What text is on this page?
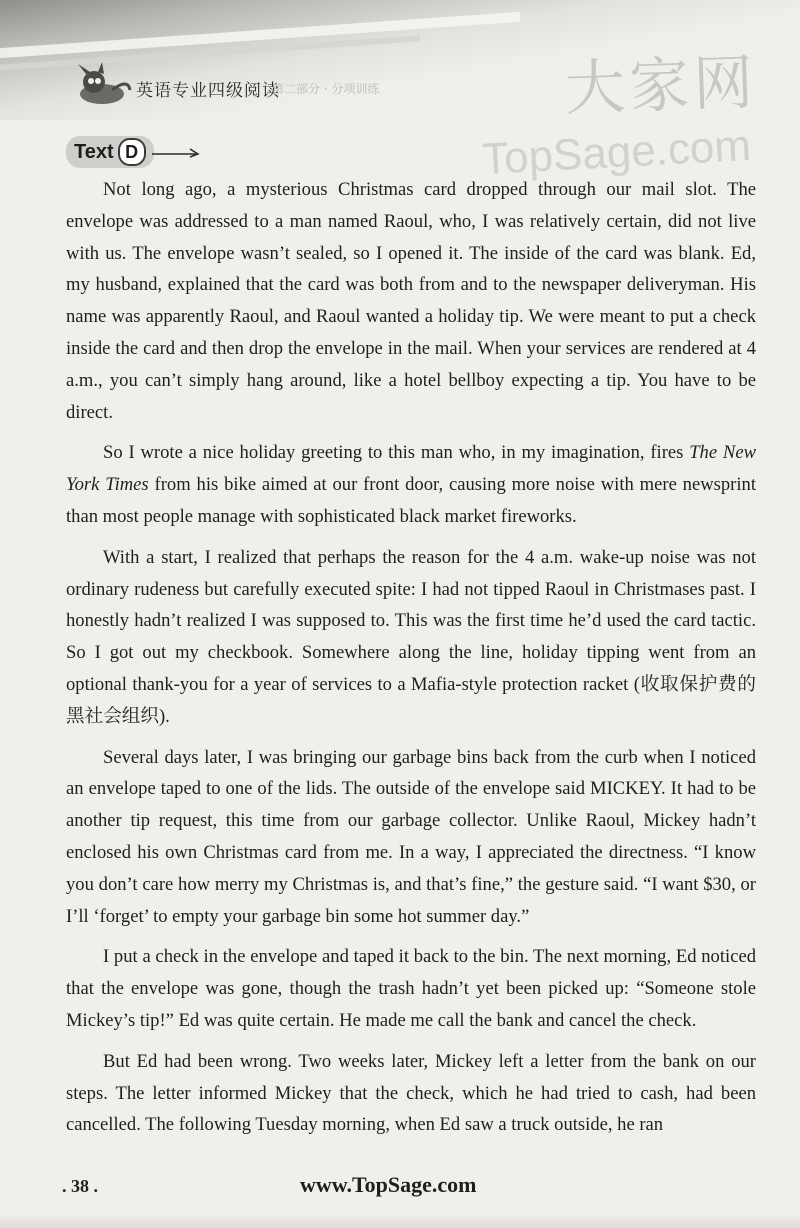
英语专业四级阅读
第二部分 · 分项训练	大家网
TopSage.com
Text D

Not long ago, a mysterious Christmas card dropped through our mail slot. The envelope was addressed to a man named Raoul, who, I was relatively certain, did not live with us. The envelope wasn’t sealed, so I opened it. The inside of the card was blank. Ed, my husband, explained that the card was both from and to the newspaper deliveryman. His name was apparently Raoul, and Raoul wanted a holiday tip. We were meant to put a check inside the card and then drop the envelope in the mail. When your services are rendered at 4 a.m., you can’t simply hang around, like a hotel bellboy expecting a tip. You have to be direct.

So I wrote a nice holiday greeting to this man who, in my imagination, fires The New York Times from his bike aimed at our front door, causing more noise with mere newsprint than most people manage with sophisticated black market fireworks.

With a start, I realized that perhaps the reason for the 4 a.m. wake-up noise was not ordinary rudeness but carefully executed spite: I had not tipped Raoul in Christmases past. I honestly hadn’t realized I was supposed to. This was the first time he’d used the card tactic. So I got out my checkbook. Somewhere along the line, holiday tipping went from an optional thank-you for a year of services to a Mafia-style protection racket (收取保护费的黑社会组织).

Several days later, I was bringing our garbage bins back from the curb when I noticed an envelope taped to one of the lids. The outside of the envelope said MICKEY. It had to be another tip request, this time from our garbage collector. Unlike Raoul, Mickey hadn’t enclosed his own Christmas card from me. In a way, I appreciated the directness. “I know you don’t care how merry my Christmas is, and that’s fine,” the gesture said. “I want $30, or I’ll ‘forget’ to empty your garbage bin some hot summer day.”

I put a check in the envelope and taped it back to the bin. The next morning, Ed noticed that the envelope was gone, though the trash hadn’t yet been picked up: “Someone stole Mickey’s tip!” Ed was quite certain. He made me call the bank and cancel the check.

But Ed had been wrong. Two weeks later, Mickey left a letter from the bank on our steps. The letter informed Mickey that the check, which he had tried to cash, had been cancelled. The following Tuesday morning, when Ed saw a truck outside, he ran

. 38 .	www.TopSage.com
